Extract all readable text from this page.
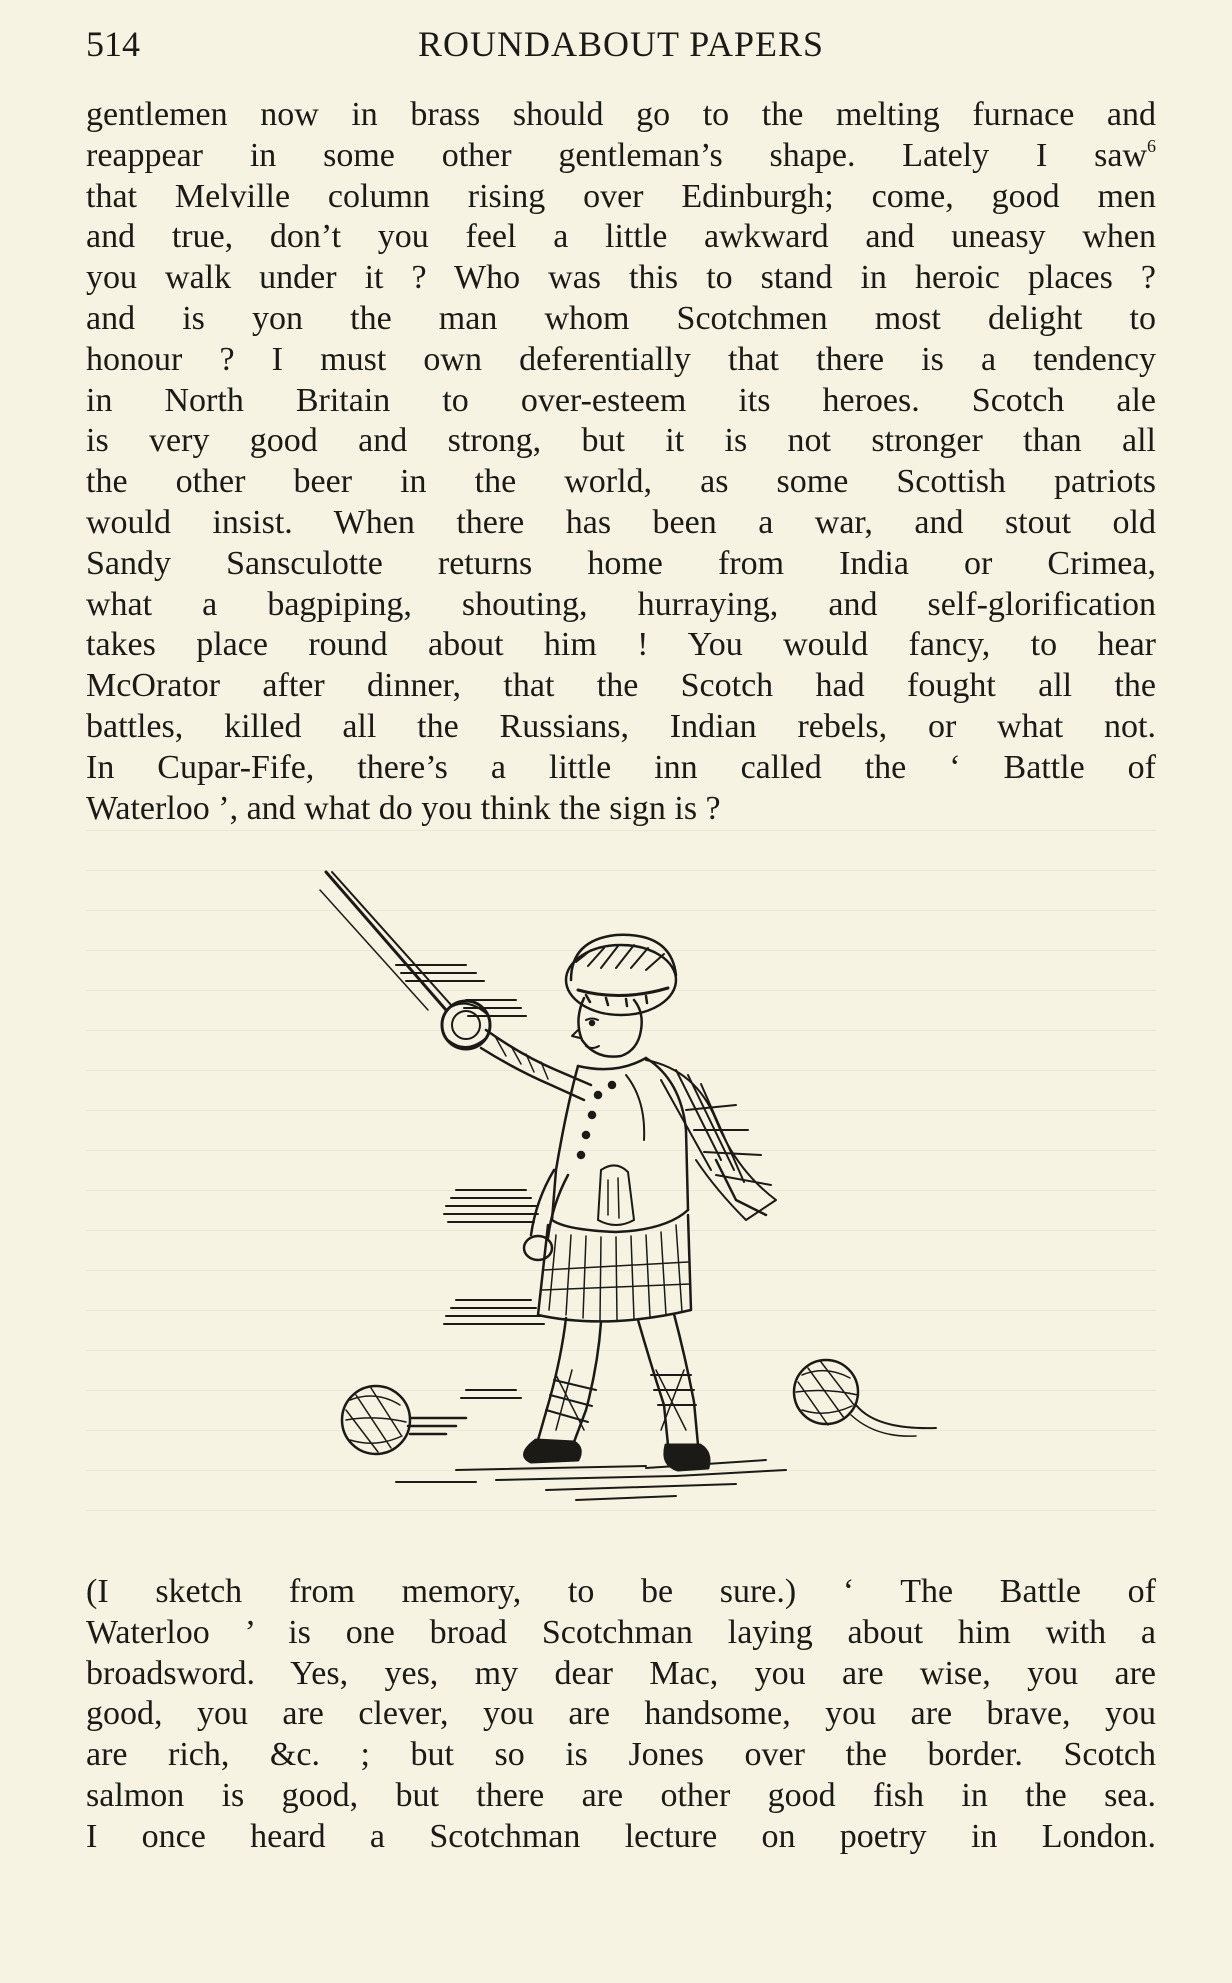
514	ROUNDABOUT PAPERS
gentlemen now in brass should go to the melting furnace and
reappear in some other gentleman’s shape. Lately I saw$^6$
that Melville column rising over Edinburgh; come, good men
and true, don’t you feel a little awkward and uneasy when
you walk under it ? Who was this to stand in heroic places ?
and is yon the man whom Scotchmen most delight to
honour ? I must own deferentially that there is a tendency
in North Britain to over-esteem its heroes. Scotch ale
is very good and strong, but it is not stronger than all
the other beer in the world, as some Scottish patriots
would insist. When there has been a war, and stout old
Sandy Sansculotte returns home from India or Crimea,
what a bagpiping, shouting, hurraying, and self-glorification
takes place round about him ! You would fancy, to hear
McOrator after dinner, that the Scotch had fought all the
battles, killed all the Russians, Indian rebels, or what not.
In Cupar-Fife, there’s a little inn called the ‘ Battle of
Waterloo ’, and what do you think the sign is ?
(I sketch from memory, to be sure.) ‘ The Battle of
Waterloo ’ is one broad Scotchman laying about him with a
broadsword. Yes, yes, my dear Mac, you are wise, you are
good, you are clever, you are handsome, you are brave, you
are rich, &c. ; but so is Jones over the border. Scotch
salmon is good, but there are other good fish in the sea.
I once heard a Scotchman lecture on poetry in London.
